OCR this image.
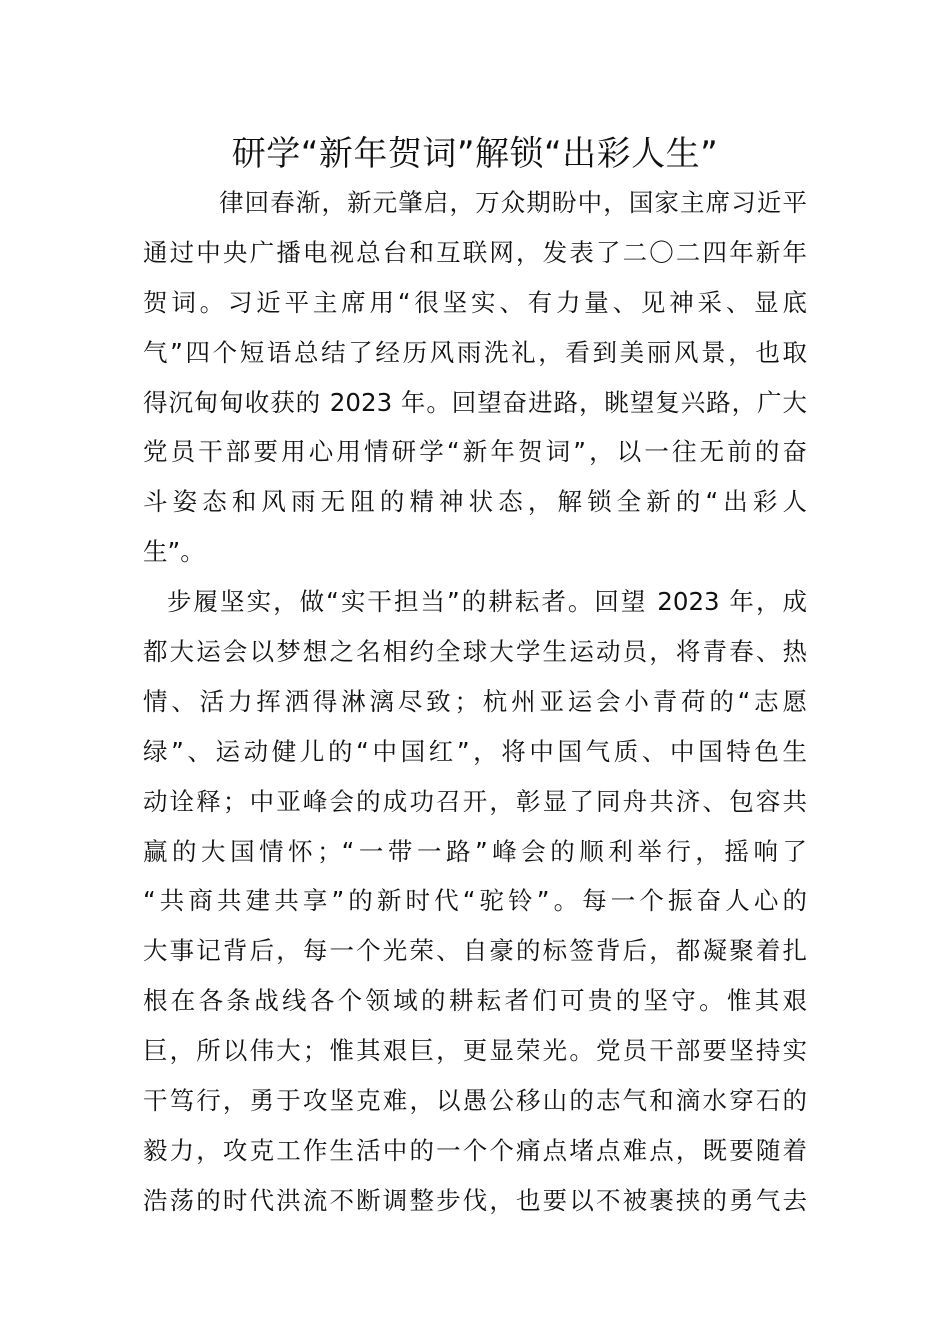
研学“新年贺词”解锁“出彩人生”
律回春渐，新元肇启，万众期盼中，国家主席习近平
通过中央广播电视总台和互联网，发表了二〇二四年新年
贺词。习近平主席用“很坚实、有力量、见神采、显底
气”四个短语总结了经历风雨洗礼，看到美丽风景，也取
得沉甸甸收获的 2023 年。回望奋进路，眺望复兴路，广大
党员干部要用心用情研学“新年贺词”，以一往无前的奋
斗姿态和风雨无阻的精神状态，解锁全新的“出彩人
生”。
步履坚实，做“实干担当”的耕耘者。回望 2023 年，成
都大运会以梦想之名相约全球大学生运动员，将青春、热
情、活力挥洒得淋漓尽致；杭州亚运会小青荷的“志愿
绿”、运动健儿的“中国红”，将中国气质、中国特色生
动诠释；中亚峰会的成功召开，彰显了同舟共济、包容共
赢的大国情怀；“一带一路”峰会的顺利举行，摇响了
“共商共建共享”的新时代“驼铃”。每一个振奋人心的
大事记背后，每一个光荣、自豪的标签背后，都凝聚着扎
根在各条战线各个领域的耕耘者们可贵的坚守。惟其艰
巨，所以伟大；惟其艰巨，更显荣光。党员干部要坚持实
干笃行，勇于攻坚克难，以愚公移山的志气和滴水穿石的
毅力，攻克工作生活中的一个个痛点堵点难点，既要随着
浩荡的时代洪流不断调整步伐，也要以不被裹挟的勇气去
